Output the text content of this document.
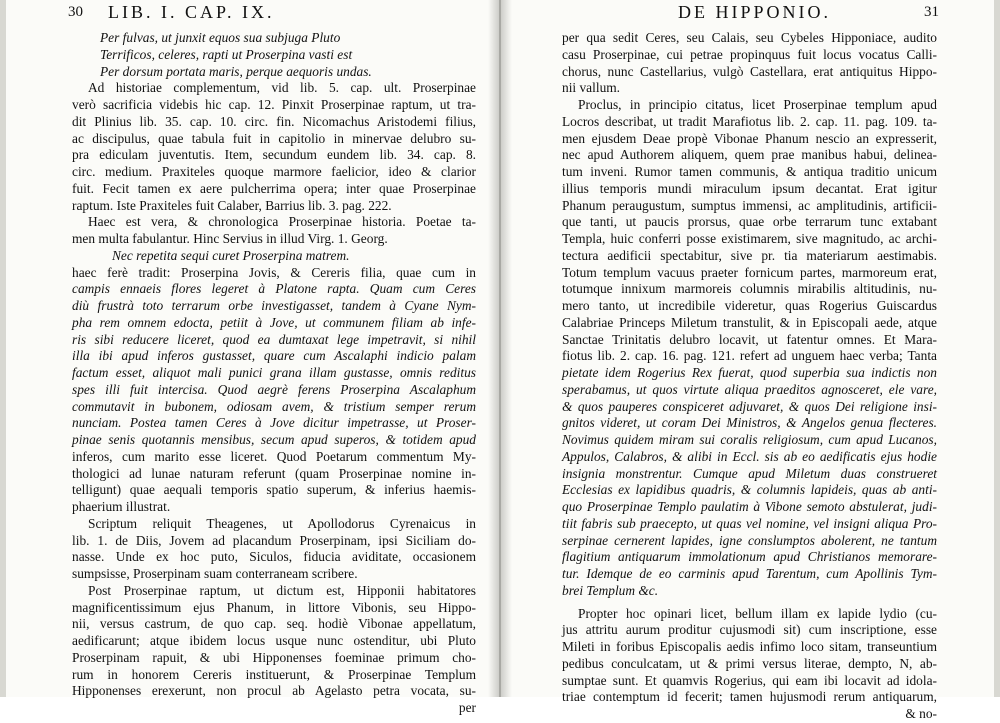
LIB. I. CAP. IX.
30
Per fulvas, ut junxit equos sua subjuga Pluto
Terrificos, celeres, rapti ut Proserpina vasti est
Per dorsum portata maris, perque aequoris undas.
Ad historiae complementum, vid lib. 5. cap. ult. Proserpinae
verò sacrificia videbis hic cap. 12. Pinxit Proserpinae raptum, ut tra-
dit Plinius lib. 35. cap. 10. circ. fin. Nicomachus Aristodemi filius,
ac discipulus, quae tabula fuit in capitolio in minervae delubro su-
pra ediculam juventutis. Item, secundum eundem lib. 34. cap. 8.
circ. medium. Praxiteles quoque marmore faelicior, ideo & clarior
fuit. Fecit tamen ex aere pulcherrima opera; inter quae Proserpinae
raptum. Iste Praxiteles fuit Calaber, Barrius lib. 3. pag. 222.
Haec est vera, & chronologica Proserpinae historia. Poetae ta-
men multa fabulantur. Hinc Servius in illud Virg. 1. Georg.
Nec repetita sequi curet Proserpina matrem.
haec ferè tradit: Proserpina Jovis, & Cereris filia, quae cum in
campis ennaeis flores legeret à Platone rapta. Quam cum Ceres
diù frustrà toto terrarum orbe investigasset, tandem à Cyane Nym-
pha rem omnem edocta, petiit à Jove, ut communem filiam ab infe-
ris sibi reducere liceret, quod ea dumtaxat lege impetravit, si nihil
illa ibi apud inferos gustasset, quare cum Ascalaphi indicio palam
factum esset, aliquot mali punici grana illam gustasse, omnis reditus
spes illi fuit intercisa. Quod aegrè ferens Proserpina Ascalaphum
commutavit in bubonem, odiosam avem, & tristium semper rerum
nunciam. Postea tamen Ceres à Jove dicitur impetrasse, ut Proser-
pinae senis quotannis mensibus, secum apud superos, & totidem apud
inferos, cum marito esse liceret. Quod Poetarum commentum My-
thologici ad lunae naturam referunt (quam Proserpinae nomine in-
telligunt) quae aequali temporis spatio superum, & inferius haemis-
phaerium illustrat.
Scriptum reliquit Theagenes, ut Apollodorus Cyrenaicus in
lib. 1. de Diis, Jovem ad placandum Proserpinam, ipsi Siciliam do-
nasse. Unde ex hoc puto, Siculos, fiducia aviditate, occasionem
sumpsisse, Proserpinam suam conterraneam scribere.
Post Proserpinae raptum, ut dictum est, Hipponii habitatores
magnificentissimum ejus Phanum, in littore Vibonis, seu Hippo-
nii, versus castrum, de quo cap. seq. hodiè Vibonae appellatum,
aedificarunt; atque ibidem locus usque nunc ostenditur, ubi Pluto
Proserpinam rapuit, & ubi Hipponenses foeminae primum cho-
rum in honorem Cereris instituerunt, & Proserpinae Templum
Hipponenses erexerunt, non procul ab Agelasto petra vocata, su-
per
DE HIPPONIO.	31
per qua sedit Ceres, seu Calais, seu Cybeles Hipponiace, audito
casu Proserpinae, cui petrae propinquus fuit locus vocatus Calli-
chorus, nunc Castellarius, vulgò Castellara, erat antiquitus Hippo-
nii vallum.
Proclus, in principio citatus, licet Proserpinae templum apud
Locros describat, ut tradit Marafiotus lib. 2. cap. 11. pag. 109. ta-
men ejusdem Deae propè Vibonae Phanum nescio an expresserit,
nec apud Authorem aliquem, quem prae manibus habui, delinea-
tum inveni. Rumor tamen communis, & antiqua traditio unicum
illius temporis mundi miraculum ipsum decantat. Erat igitur
Phanum peraugustum, sumptus immensi, ac amplitudinis, artificii-
que tanti, ut paucis prorsus, quae orbe terrarum tunc extabant
Templa, huic conferri posse existimarem, sive magnitudo, ac archi-
tectura aedificii spectabitur, sive pr. tia materiarum aestimabis.
Totum templum vacuus praeter fornicum partes, marmoreum erat,
totumque innixum marmoreis columnis mirabilis altitudinis, nu-
mero tanto, ut incredibile videretur, quas Rogerius Guiscardus
Calabriae Princeps Miletum transtulit, & in Episcopali aede, atque
Sanctae Trinitatis delubro locavit, ut fatentur omnes. Et Mara-
fiotus lib. 2. cap. 16. pag. 121. refert ad unguem haec verba; Tanta
pietate idem Rogerius Rex fuerat, quod superbia sua indictis non
sperabamus, ut quos virtute aliqua praeditos agnosceret, ele vare,
& quos pauperes conspiceret adjuvaret, & quos Dei religione insi-
gnitos videret, ut coram Dei Ministros, & Angelos genua flecteres.
Novimus quidem miram sui coralis religiosum, cum apud Lucanos,
Appulos, Calabros, & alibi in Eccl. sis ab eo aedificatis ejus hodie
insignia monstrentur. Cumque apud Miletum duas construeret
Ecclesias ex lapidibus quadris, & columnis lapideis, quas ab anti-
quo Proserpinae Templo paulatim à Vibone semoto abstulerat, judi-
tiit fabris sub praecepto, ut quas vel nomine, vel insigni aliqua Pro-
serpinae cernerent lapides, igne conslumptos abolerent, ne tantum
flagitium antiquarum immolationum apud Christianos memorare-
tur. Idemque de eo carminis apud Tarentum, cum Apollinis Tym-
brei Templum &c.
Propter hoc opinari licet, bellum illam ex lapide lydio (cu-
jus attritu aurum proditur cujusmodi sit) cum inscriptione, esse
Mileti in foribus Episcopalis aedis infimo loco sitam, transeuntium
pedibus conculcatam, ut & primi versus literae, dempto, N, ab-
sumptae sunt. Et quamvis Rogerius, qui eam ibi locavit ad idola-
triae contemptum id fecerit; tamen hujusmodi rerum antiquarum,
& no-
